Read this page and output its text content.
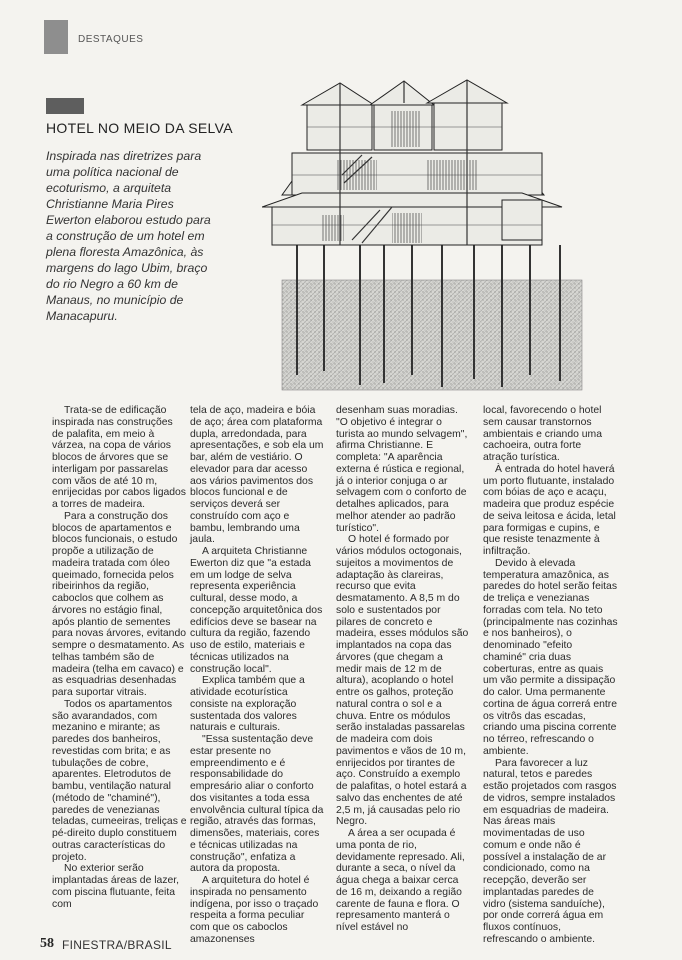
DESTAQUES
HOTEL NO MEIO DA SELVA

Inspirada nas diretrizes para uma política nacional de ecoturismo, a arquiteta Christianne Maria Pires Ewerton elaborou estudo para a construção de um hotel em plena floresta Amazônica, às margens do lago Ubim, braço do rio Negro a 60 km de Manaus, no município de Manacapuru.

Trata-se de edificação inspirada nas construções de palafita, em meio à várzea, na copa de vários blocos de árvores que se interligam por passarelas com vãos de até 10 m, enrijecidas por cabos ligados a torres de madeira.

Para a construção dos blocos de apartamentos e blocos funcionais, o estudo propõe a utilização de madeira tratada com óleo queimado, fornecida pelos ribeirinhos da região, caboclos que colhem as árvores no estágio final, após plantio de sementes para novas árvores, evitando sempre o desmatamento. As telhas também são de madeira (telha em cavaco) e as esquadrias desenhadas para suportar vitrais.

Todos os apartamentos são avarandados, com mezanino e mirante; as paredes dos banheiros, revestidas com brita; e as tubulações de cobre, aparentes. Eletrodutos de bambu, ventilação natural (método de "chaminé"), paredes de venezianas teladas, cumeeiras, treliças e pé-direito duplo constituem outras características do projeto.

No exterior serão implantadas áreas de lazer, com piscina flutuante, feita com

tela de aço, madeira e bóia de aço; área com plataforma dupla, arredondada, para apresentações, e sob ela um bar, além de vestiário. O elevador para dar acesso aos vários pavimentos dos blocos funcional e de serviços deverá ser construído com aço e bambu, lembrando uma jaula.

A arquiteta Christianne Ewerton diz que "a estada em um lodge de selva representa experiência cultural, desse modo, a concepção arquitetônica dos edifícios deve se basear na cultura da região, fazendo uso de estilo, materiais e técnicas utilizados na construção local".

Explica também que a atividade ecoturística consiste na exploração sustentada dos valores naturais e culturais.

"Essa sustentação deve estar presente no empreendimento e é responsabilidade do empresário aliar o conforto dos visitantes a toda essa envolvência cultural típica da região, através das formas, dimensões, materiais, cores e técnicas utilizadas na construção", enfatiza a autora da proposta.

A arquitetura do hotel é inspirada no pensamento indígena, por isso o traçado respeita a forma peculiar com que os caboclos amazonenses

desenham suas moradias. "O objetivo é integrar o turista ao mundo selvagem", afirma Christianne. E completa: "A aparência externa é rústica e regional, já o interior conjuga o ar selvagem com o conforto de detalhes aplicados, para melhor atender ao padrão turístico".

O hotel é formado por vários módulos octogonais, sujeitos a movimentos de adaptação às clareiras, recurso que evita desmatamento. A 8,5 m do solo e sustentados por pilares de concreto e madeira, esses módulos são implantados na copa das árvores (que chegam a medir mais de 12 m de altura), acoplando o hotel entre os galhos, proteção natural contra o sol e a chuva. Entre os módulos serão instaladas passarelas de madeira com dois pavimentos e vãos de 10 m, enrijecidos por tirantes de aço. Construído a exemplo de palafitas, o hotel estará a salvo das enchentes de até 2,5 m, já causadas pelo rio Negro.

A área a ser ocupada é uma ponta de rio, devidamente represado. Ali, durante a seca, o nível da água chega a baixar cerca de 16 m, deixando a região carente de fauna e flora. O represamento manterá o nível estável no

local, favorecendo o hotel sem causar transtornos ambientais e criando uma cachoeira, outra forte atração turística.

À entrada do hotel haverá um porto flutuante, instalado com bóias de aço e acaçu, madeira que produz espécie de seiva leitosa e ácida, letal para formigas e cupins, e que resiste tenazmente à infiltração.

Devido à elevada temperatura amazônica, as paredes do hotel serão feitas de treliça e venezianas forradas com tela. No teto (principalmente nas cozinhas e nos banheiros), o denominado "efeito chaminé" cria duas coberturas, entre as quais um vão permite a dissipação do calor. Uma permanente cortina de água correrá entre os vitrôs das escadas, criando uma piscina corrente no térreo, refrescando o ambiente.

Para favorecer a luz natural, tetos e paredes estão projetados com rasgos de vidros, sempre instalados em esquadrias de madeira. Nas áreas mais movimentadas de uso comum e onde não é possível a instalação de ar condicionado, como na recepção, deverão ser implantadas paredes de vidro (sistema sanduíche), por onde correrá água em fluxos contínuos, refrescando o ambiente.

58 FINESTRA/BRASIL
